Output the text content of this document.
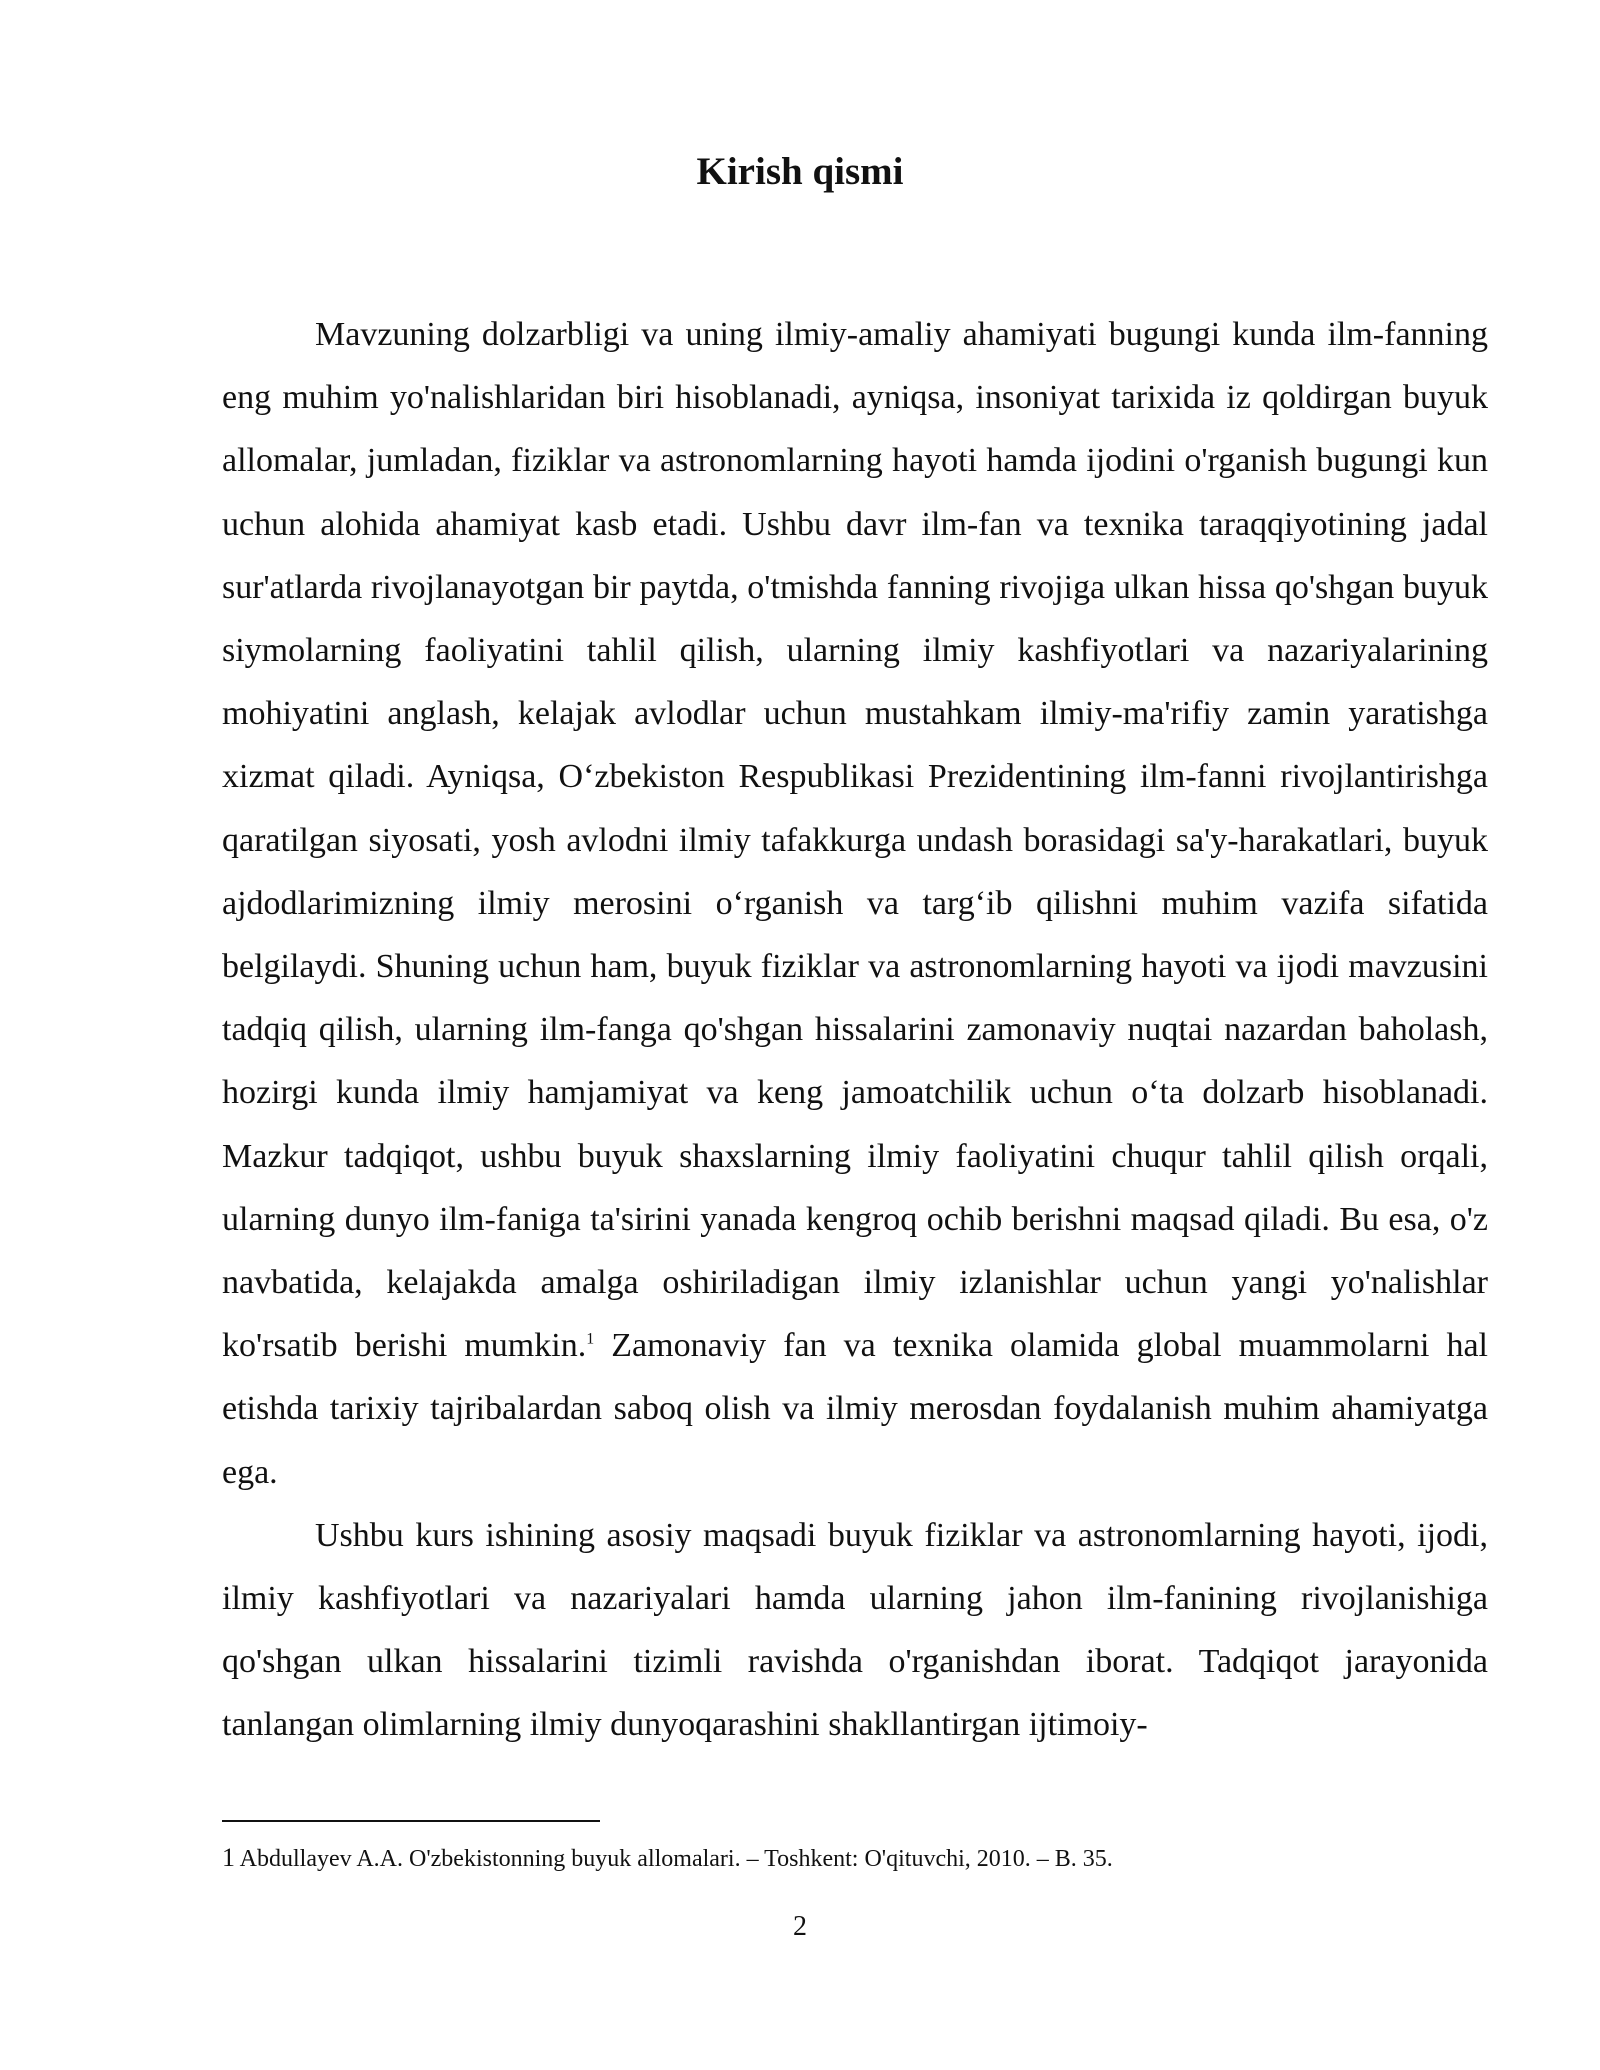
Kirish qismi

Mavzuning dolzarbligi va uning ilmiy-amaliy ahamiyati bugungi kunda ilm-fanning eng muhim yo'nalishlaridan biri hisoblanadi, ayniqsa, insoniyat tarixida iz qoldirgan buyuk allomalar, jumladan, fiziklar va astronomlarning hayoti hamda ijodini o'rganish bugungi kun uchun alohida ahamiyat kasb etadi. Ushbu davr ilm-fan va texnika taraqqiyotining jadal sur'atlarda rivojlanayotgan bir paytda, o'tmishda fanning rivojiga ulkan hissa qo'shgan buyuk siymolarning faoliyatini tahlil qilish, ularning ilmiy kashfiyotlari va nazariyalarining mohiyatini anglash, kelajak avlodlar uchun mustahkam ilmiy-ma'rifiy zamin yaratishga xizmat qiladi. Ayniqsa, Oʻzbekiston Respublikasi Prezidentining ilm-fanni rivojlantirishga qaratilgan siyosati, yosh avlodni ilmiy tafakkurga undash borasidagi sa'y-harakatlari, buyuk ajdodlarimizning ilmiy merosini oʻrganish va targʻib qilishni muhim vazifa sifatida belgilaydi. Shuning uchun ham, buyuk fiziklar va astronomlarning hayoti va ijodi mavzusini tadqiq qilish, ularning ilm-fanga qo'shgan hissalarini zamonaviy nuqtai nazardan baholash, hozirgi kunda ilmiy hamjamiyat va keng jamoatchilik uchun oʻta dolzarb hisoblanadi. Mazkur tadqiqot, ushbu buyuk shaxslarning ilmiy faoliyatini chuqur tahlil qilish orqali, ularning dunyo ilm-faniga ta'sirini yanada kengroq ochib berishni maqsad qiladi. Bu esa, o'z navbatida, kelajakda amalga oshiriladigan ilmiy izlanishlar uchun yangi yo'nalishlar ko'rsatib berishi mumkin.$^1$ Zamonaviy fan va texnika olamida global muammolarni hal etishda tarixiy tajribalardan saboq olish va ilmiy merosdan foydalanish muhim ahamiyatga ega.

Ushbu kurs ishining asosiy maqsadi buyuk fiziklar va astronomlarning hayoti, ijodi, ilmiy kashfiyotlari va nazariyalari hamda ularning jahon ilm-fanining rivojlanishiga qo'shgan ulkan hissalarini tizimli ravishda o'rganishdan iborat. Tadqiqot jarayonida tanlangan olimlarning ilmiy dunyoqarashini shakllantirgan ijtimoiy-

1 Abdullayev A.A. O'zbekistonning buyuk allomalari. – Toshkent: O'qituvchi, 2010. – B. 35.

2
